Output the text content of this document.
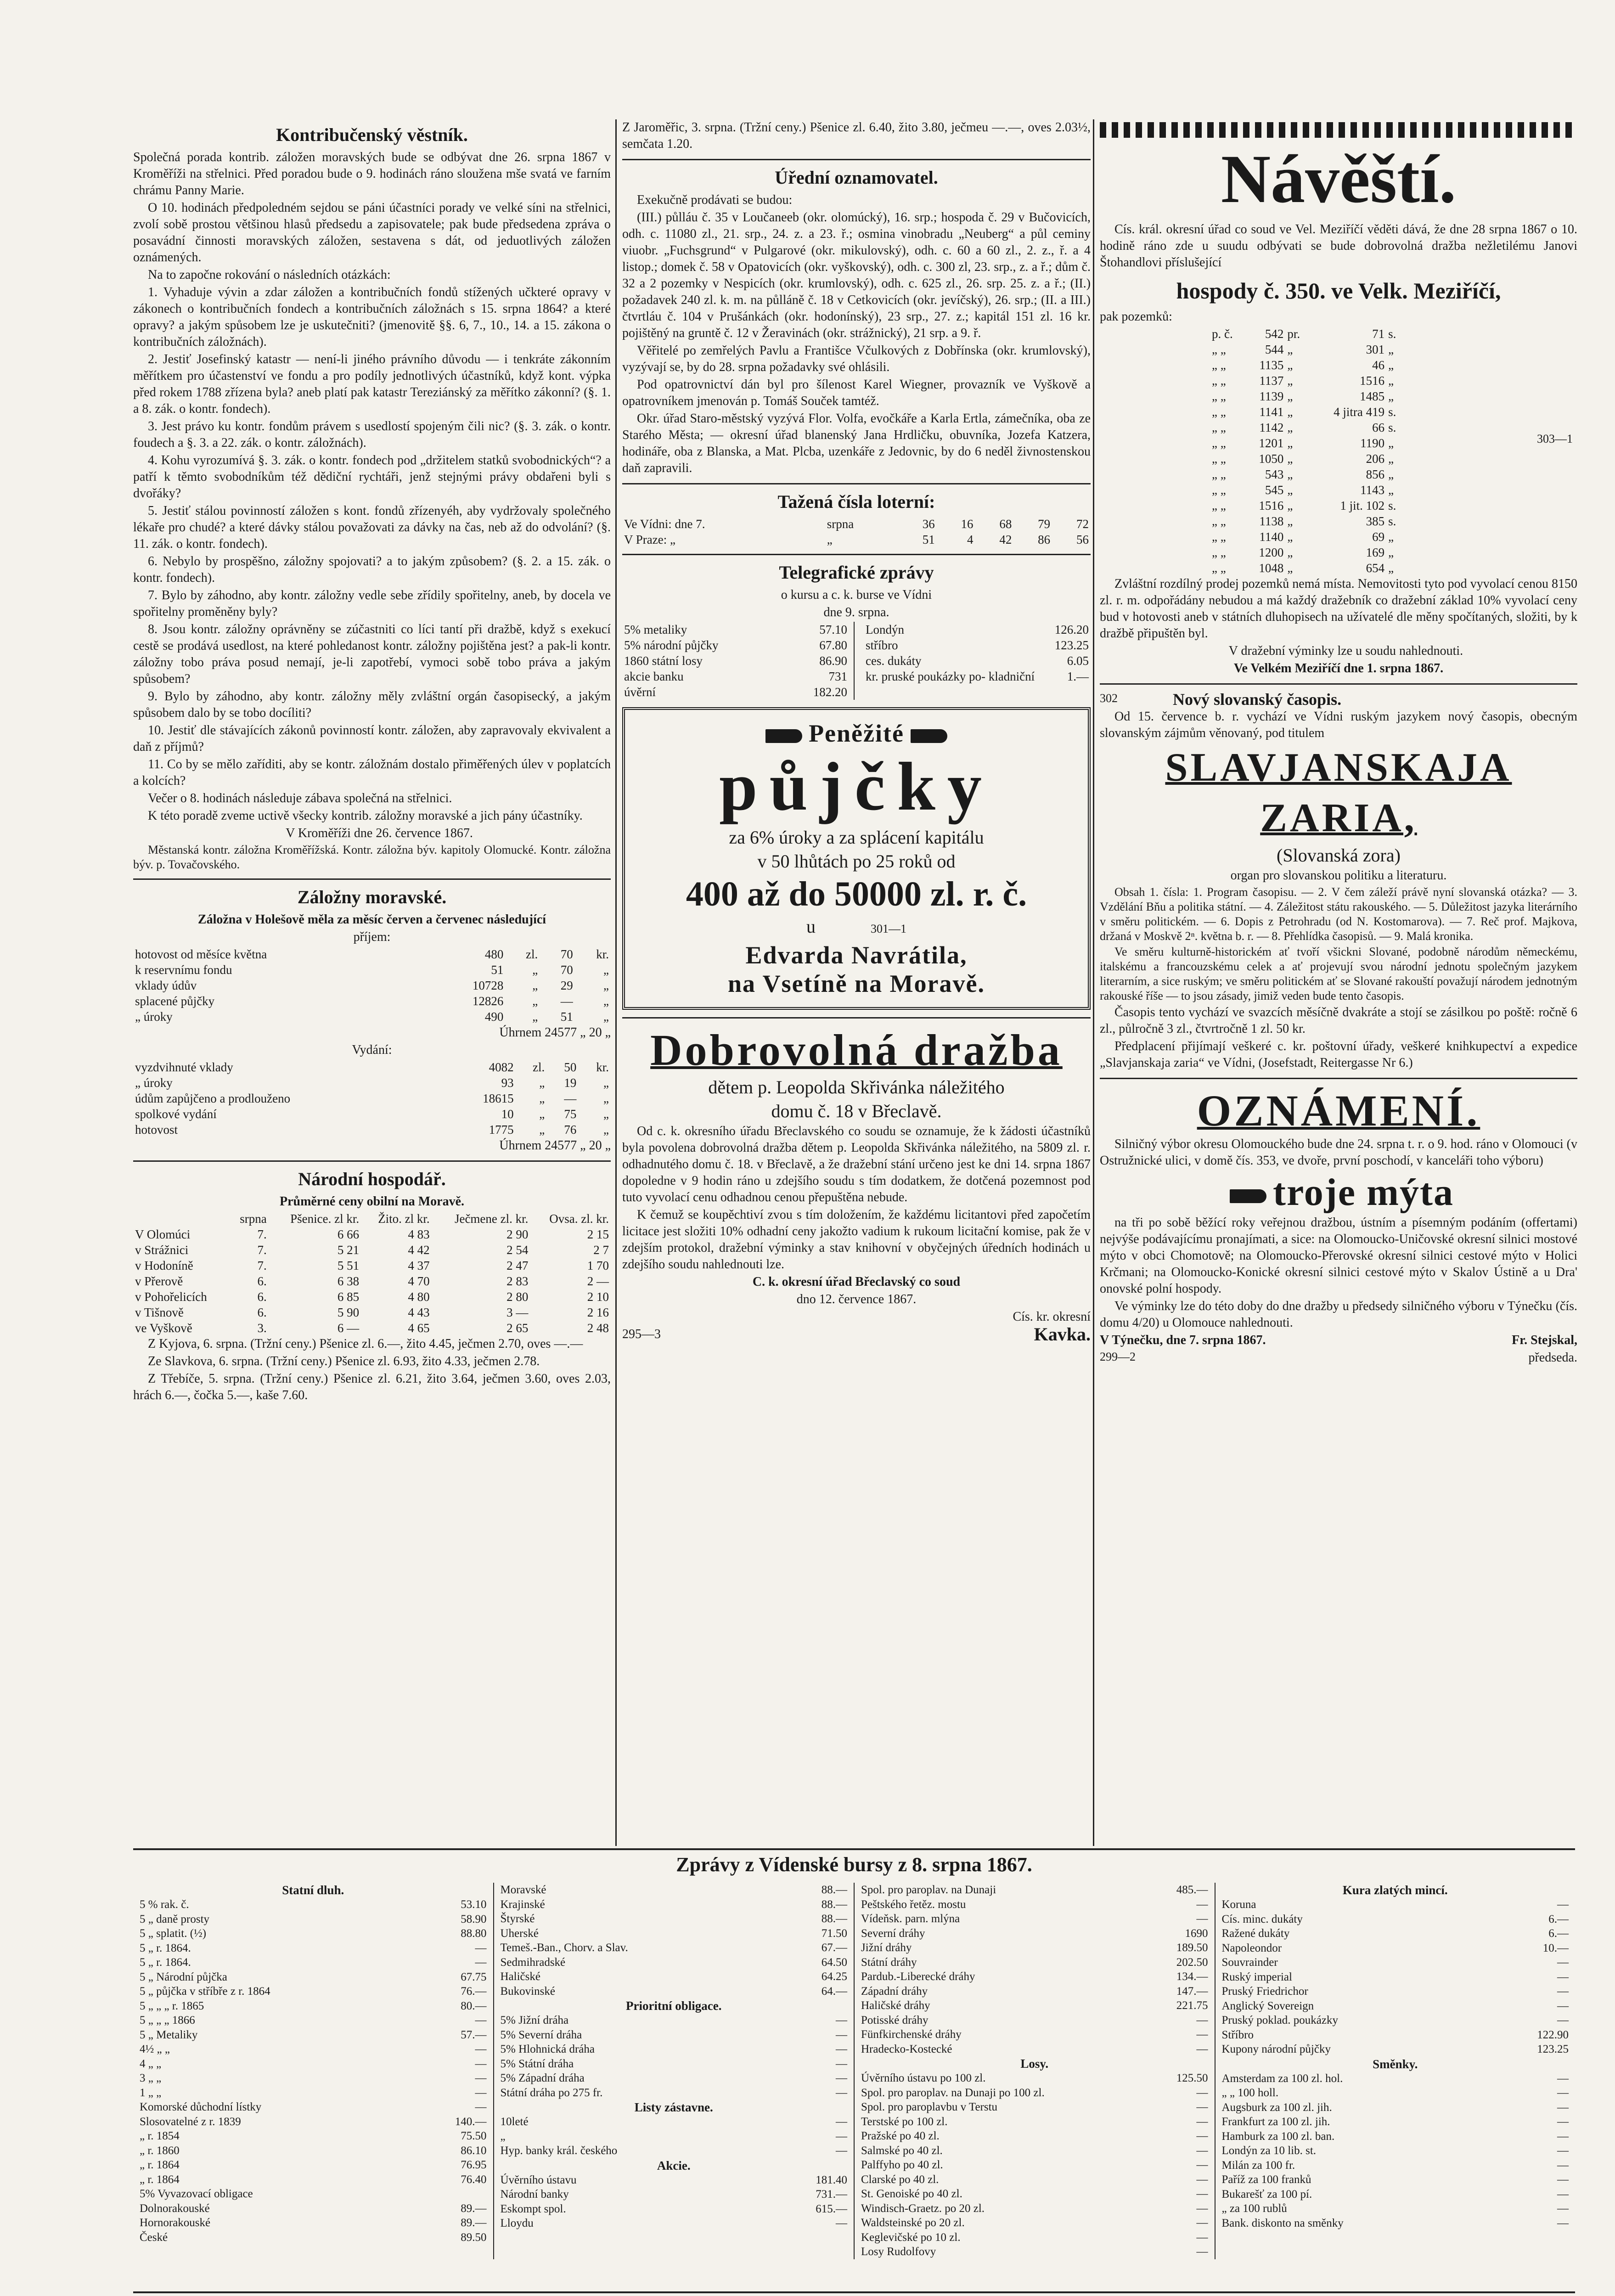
Kontribučenský věstník.
Společná porada kontrib. záložen moravských bude se odbývat dne 26. srpna 1867 v Kroměříži na střelnici. Před poradou bude o 9. hodinách ráno sloužena mše svatá ve farním chrámu Panny Marie.
O 10. hodinách předpoledném sejdou se páni účastníci porady ve velké síni na střelnici, zvolí sobě prostou většinou hlasů předsedu a zapisovatele; pak bude předsedena zpráva o posavádní činnosti moravských záložen, sestavena s dát, od jeduotlivých záložen oznámených.
Na to započne rokování o následních otázkách:
1. Vyhaduje vývin a zdar záložen a kontribučních fondů stížených učkteré opravy v zákonech o kontribučních fondech a kontribučních záložnách s 15. srpna 1864? a které opravy? a jakým spůsobem lze je uskutečniti? (jmenovitě §§. 6, 7., 10., 14. a 15. zákona o kontribučních záložnách).
2. Jestiť Josefinský katastr — není-li jiného právního důvodu — i tenkráte zákonním měřítkem pro účastenství ve fondu a pro podíly jednotlivých účastníků, když kont. výpka před rokem 1788 zřízena byla? aneb platí pak katastr Tereziánský za měřítko zákonní? (§. 1. a 8. zák. o kontr. fondech).
3. Jest právo ku kontr. fondům právem s usedlostí spojeným čili nic? (§. 3. zák. o kontr. foudech a §. 3. a 22. zák. o kontr. záložnách).
4. Kohu vyrozumívá §. 3. zák. o kontr. fondech pod „držitelem statků svobodnických“? a patří k těmto svobodníkům též dědiční rychtáři, jenž stejnými právy obdařeni byli s dvořáky?
5. Jestiť stálou povinností záložen s kont. fondů zřízenyéh, aby vydržovaly společného lékaře pro chudé? a které dávky stálou považovati za dávky na čas, neb až do odvolání? (§. 11. zák. o kontr. fondech).
6. Nebylo by prospěšno, záložny spojovati? a to jakým způsobem? (§. 2. a 15. zák. o kontr. fondech).
7. Bylo by záhodno, aby kontr. záložny vedle sebe zřídily spořitelny, aneb, by docela ve spořitelny proměněny byly?
8. Jsou kontr. záložny oprávněny se zúčastniti co líci tantí při dražbě, když s exekucí cestě se prodává usedlost, na které pohledanost kontr. záložny pojištěna jest? a pak-li kontr. záložny tobo práva posud nemají, je-li zapotřebí, vymoci sobě tobo práva a jakým spůsobem?
9. Bylo by záhodno, aby kontr. záložny měly zvláštní orgán časopisecký, a jakým spůsobem dalo by se tobo docíliti?
10. Jestiť dle stávajících zákonů povinností kontr. záložen, aby zapravovaly ekvivalent a daň z příjmů?
11. Co by se mělo zaříditi, aby se kontr. záložnám dostalo přiměřených úlev v poplatcích a kolcích?
Večer o 8. hodinách následuje zábava společná na střelnici.
K této poradě zveme uctivě všecky kontrib. záložny moravské a jich pány účastníky.
V Kroměříži dne 26. července 1867.
Městanská kontr. záložna Kroměřížská. Kontr. záložna býv. kapitoly Olomucké. Kontr. záložna býv. p. Tovačovského.
Záložny moravské.
Záložna v Holešově měla za měsíc červen a červenec následující
příjem:
hotovost od měsíce května	480	zl.	70	kr.
k reservnímu fondu	51	„	70	„
vklady údův	10728	„	29	„
splacené půjčky	12826	„	—	„
„ úroky	490	„	51	„
Úhrnem 24577 „ 20 „
Vydání:
vyzdvihnuté vklady	4082	zl.	50	kr.
„ úroky	93	„	19	„
údům zapůjčeno a prodlouženo	18615	„	—	„
spolkové vydání	10	„	75	„
hotovost	1775	„	76	„
Úhrnem 24577 „ 20 „
Národní hospodář.
Průměrné ceny obilní na Moravě.
	srpna	Pšenice. zl kr.	Žito. zl kr.	Ječmene zl. kr.	Ovsa. zl. kr.
V Olomúci	7.	6 66	4 83	2 90	2 15
v Strážnici	7.	5 21	4 42	2 54	2 7
v Hodoníně	7.	5 51	4 37	2 47	1 70
v Přerově	6.	6 38	4 70	2 83	2 —
v Pohořelicích	6.	6 85	4 80	2 80	2 10
v Tišnově	6.	5 90	4 43	3 —	2 16
ve Vyškově	3.	6 —	4 65	2 65	2 48
Z Kyjova, 6. srpna. (Tržní ceny.) Pšenice zl. 6.—, žito 4.45, ječmen 2.70, oves —.—
Ze Slavkova, 6. srpna. (Tržní ceny.) Pšenice zl. 6.93, žito 4.33, ječmen 2.78.
Z Třebíče, 5. srpna. (Tržní ceny.) Pšenice zl. 6.21, žito 3.64, ječmen 3.60, oves 2.03, hrách 6.—, čočka 5.—, kaše 7.60.
Z Jaroměřic, 3. srpna. (Tržní ceny.) Pšenice zl. 6.40, žito 3.80, ječmeu —.—, oves 2.03½, semčata 1.20.
Úřední oznamovatel.
Exekučně prodávati se budou:
(III.) půlláu č. 35 v Loučaneeb (okr. olomúcký), 16. srp.; hospoda č. 29 v Bučovicích, odh. c. 11080 zl., 21. srp., 24. z. a 23. ř.; osmina vinobradu „Neuberg“ a půl ceminy viuobr. „Fuchsgrund“ v Pulgarové (okr. mikulovský), odh. c. 60 a 60 zl., 2. z., ř. a 4 listop.; domek č. 58 v Opatovicích (okr. vyškovský), odh. c. 300 zl, 23. srp., z. a ř.; dům č. 32 a 2 pozemky v Nespicích (okr. krumlovský), odh. c. 625 zl., 26. srp. 25. z. a ř.; (II.) požadavek 240 zl. k. m. na půlláně č. 18 v Cetkovicích (okr. jevíčský), 26. srp.; (II. a III.) čtvrtláu č. 104 v Prušánkách (okr. hodonínský), 23 srp., 27. z.; kapitál 151 zl. 16 kr. pojištěný na gruntě č. 12 v Žeravinách (okr. strážnický), 21 srp. a 9. ř.
Věřitelé po zemřelých Pavlu a Františce Včulkových z Dobřínska (okr. krumlovský), vyzývají se, by do 28. srpna požadavky své ohlásili.
Pod opatrovnictví dán byl pro šílenost Karel Wiegner, provazník ve Vyškově a opatrovníkem jmenován p. Tomáš Souček tamtéž.
Okr. úřad Staro-městský vyzývá Flor. Volfa, evočkáře a Karla Ertla, zámečníka, oba ze Starého Města; — okresní úřad blanenský Jana Hrdličku, obuvníka, Jozefa Katzera, hodináře, oba z Blanska, a Mat. Plcba, uzenkáře z Jedovnic, by do 6 neděl živnostenskou daň zapravili.
Tažená čísla loterní:
Ve Vídni: dne 7.	srpna	36	16	68	79	72
V Praze: „	„	51	4	42	86	56
Telegrafické zprávy
o kursu a c. k. burse ve Vídni
dne 9. srpna.
5% metaliky	57.10
5% národní půjčky	67.80
1860 státní losy	86.90
akcie banku	731
úvěrní	182.20
Londýn	126.20
stříbro	123.25
ces. dukáty	6.05
kr. pruské poukázky po- kladniční	1.—
Peněžité
půjčky
za 6% úroky a za splácení kapitálu
v 50 lhůtách po 25 roků od
400 až do 50000 zl. r. č.
u	301—1
Edvarda Navrátila,
na Vsetíně na Moravě.
Dobrovolná dražba
dětem p. Leopolda Skřivánka náležitého
domu č. 18 v Břeclavě.
Od c. k. okresního úřadu Břeclavského co soudu se oznamuje, že k žádosti účastníků byla povolena dobrovolná dražba dětem p. Leopolda Skřivánka náležitého, na 5809 zl. r. odhadnutého domu č. 18. v Břeclavě, a že dražební stání určeno jest ke dni 14. srpna 1867 dopoledne v 9 hodin ráno u zdejšího soudu s tím dodatkem, že dotčená pozemnost pod tuto vyvolací cenu odhadnou cenou přepuštěna nebude.
K čemuž se koupěchtiví zvou s tím doložením, že každému licitantovi před započetím licitace jest složiti 10% odhadní ceny jakožto vadium k rukoum licitační komise, pak že v zdejším protokol, dražební výminky a stav knihovní v obyčejných úředních hodinách u zdejšího soudu nahlednouti lze.
C. k. okresní úřad Břeclavský co soud
dno 12. července 1867.
Cís. kr. okresní
295—3	Kavka.
Návěští.
Cís. král. okresní úřad co soud ve Vel. Meziříčí věděti dává, že dne 28 srpna 1867 o 10. hodině ráno zde u suudu odbývati se bude dobrovolná dražba nežletilému Janovi Štohandlovi příslušející
hospody č. 350. ve Velk. Meziříčí,
pak pozemků:
p. č.	542	pr.	71	s.
„ „	544	„	301	„
„ „	1135	„	46	„
„ „	1137	„	1516	„
„ „	1139	„	1485	„
„ „	1141	„	4 jitra 419	s.
„ „	1142	„	66	s.
„ „	1201	„	1190	„
„ „	1050	„	206	„
„ „	543	„	856	„
„ „	545	„	1143	„
„ „	1516	„	1 jit. 102	s.
„ „	1138	„	385	s.
„ „	1140	„	69	„
„ „	1200	„	169	„
„ „	1048	„	654	„
303—1
Zvláštní rozdílný prodej pozemků nemá místa. Nemovitosti tyto pod vyvolací cenou 8150 zl. r. m. odpořádány nebudou a má každý dražebník co dražební základ 10% vyvolací ceny bud v hotovosti aneb v státních dluhopisech na užívatelé dle měny spočítaných, složiti, by k dražbě připuštěn byl.
V dražební výminky lze u soudu nahlednouti.
Ve Velkém Meziříčí dne 1. srpna 1867.
302	Nový slovanský časopis.
Od 15. července b. r. vychází ve Vídni ruským jazykem nový časopis, obecným slovanským zájmům věnovaný, pod titulem
SLAVJANSKAJA ZARIA,
(Slovanská zora)
organ pro slovanskou politiku a literaturu.
Obsah 1. čísla: 1. Program časopisu. — 2. V čem záleží právě nyní slovanská otázka? — 3. Vzdělání Bňu a politika státní. — 4. Záležitost státu rakouského. — 5. Důležitost jazyka literárního v směru politickém. — 6. Dopis z Petrohradu (od N. Kostomarova). — 7. Reč prof. Majkova, držaná v Moskvě 2ⁿ. května b. r. — 8. Přehlídka časopisů. — 9. Malá kronika.
Ve směru kulturně-historickém ať tvoří všickni Slované, podobně národům německému, italskému a francouzskému celek a ať projevují svou národní jednotu společným jazykem literarním, a sice ruským; ve směru politickém ať se Slované rakouští považují národem jednotným rakouské říše — to jsou zásady, jimiž veden bude tento časopis.
Časopis tento vychází ve svazcích měsíčně dvakráte a stojí se zásilkou po poště: ročně 6 zl., půlročně 3 zl., čtvrtročně 1 zl. 50 kr.
Předplacení přijímají veškeré c. kr. poštovní úřady, veškeré knihkupectví a expedice „Slavjanskaja zaria“ ve Vídni, (Josefstadt, Reitergasse Nr 6.)
OZNÁMENÍ.
Silničný výbor okresu Olomouckého bude dne 24. srpna t. r. o 9. hod. ráno v Olomouci (v Ostružnické ulici, v domě čís. 353, ve dvoře, první poschodí, v kanceláři toho výboru)
troje mýta
na tři po sobě běžící roky veřejnou dražbou, ústním a písemným podáním (offertami) nejvýše podávajícímu pronajímati, a sice: na Olomoucko-Uničovské okresní silnici mostové mýto v obci Chomotově; na Olomoucko-Přerovské okresní silnici cestové mýto v Holici Krčmani; na Olomoucko-Konické okresní silnici cestové mýto v Skalov Ústině a u Dra' onovské polní hospody.
Ve výminky lze do této doby do dne dražby u předsedy silničného výboru v Týnečku (čís. domu 4/20) u Olomouce nahlednouti.
V Týnečku, dne 7. srpna 1867.	Fr. Stejskal,
299—2	předseda.
Zprávy z Vídenské bursy z 8. srpna 1867.
Statní dluh.
5 % rak. č.	53.10
5 „ daně prosty	58.90
5 „ splatit. (½)	88.80
5 „ r. 1864.	—
5 „ r. 1864.	—
5 „ Národní půjčka	67.75
5 „ půjčka v stříbře z r. 1864	76.—
5 „ „ „ r. 1865	80.—
5 „ „ „ 1866	—
5 „ Metaliky	57.—
4½ „ „	—
4 „ „	—
3 „ „	—
1 „ „	—
Komorské důchodní lístky	—
Slosovatelné z r. 1839	140.—
„ r. 1854	75.50
„ r. 1860	86.10
„ r. 1864	76.95
„ r. 1864	76.40
5% Vyvazovací obligace
Dolnorakouské	89.—
Hornorakouské	89.—
České	89.50
Moravské	88.—
Krajinské	88.—
Štyrské	88.—
Uherské	71.50
Temeš.-Ban., Chorv. a Slav.	67.—
Sedmihradské	64.50
Haličské	64.25
Bukovinské	64.—
Prioritní obligace.
5% Jižní dráha	—
5% Severní dráha	—
5% Hlohnická dráha	—
5% Státní dráha	—
5% Západní dráha	—
Státní dráha po 275 fr.	—
Listy zástavne.
10leté	—
„	—
Hyp. banky král. českého	—
Akcie.
Úvěrního ústavu	181.40
Národní banky	731.—
Eskompt spol.	615.—
Lloydu	—
Spol. pro paroplav. na Dunaji	485.—
Peštského řetěz. mostu	—
Vídeňsk. parn. mlýna	—
Severní dráhy	1690
Jižní dráhy	189.50
Státní dráhy	202.50
Pardub.-Liberecké dráhy	134.—
Západní dráhy	147.—
Haličské dráhy	221.75
Potisské dráhy	—
Fünfkirchenské dráhy	—
Hradecko-Kostecké	—
Losy.
Úvěrního ústavu po 100 zl.	125.50
Spol. pro paroplav. na Dunaji po 100 zl.	—
Spol. pro paroplavbu v Terstu	—
Terstské po 100 zl.	—
Pražské po 40 zl.	—
Salmské po 40 zl.	—
Palffyho po 40 zl.	—
Clarské po 40 zl.	—
St. Genoiské po 40 zl.	—
Windisch-Graetz. po 20 zl.	—
Waldsteinské po 20 zl.	—
Keglevičské po 10 zl.	—
Losy Rudolfovy	—
Kura zlatých mincí.
Koruna	—
Cís. minc. dukáty	6.—
Ražené dukáty	6.—
Napoleondor	10.—
Souvrainder	—
Ruský imperial	—
Pruský Friedrichor	—
Anglický Sovereign	—
Pruský poklad. poukázky	—
Stříbro	122.90
Kupony národní půjčky	123.25
Směnky.
Amsterdam za 100 zl. hol.	—
„ „ 100 holl.	—
Augsburk za 100 zl. jih.	—
Frankfurt za 100 zl. jih.	—
Hamburk za 100 zl. ban.	—
Londýn za 10 lib. st.	—
Milán za 100 fr.	—
Paříž za 100 franků	—
Bukarešť za 100 pí.	—
„ za 100 rublů	—
Bank. diskonto na směnky	—
